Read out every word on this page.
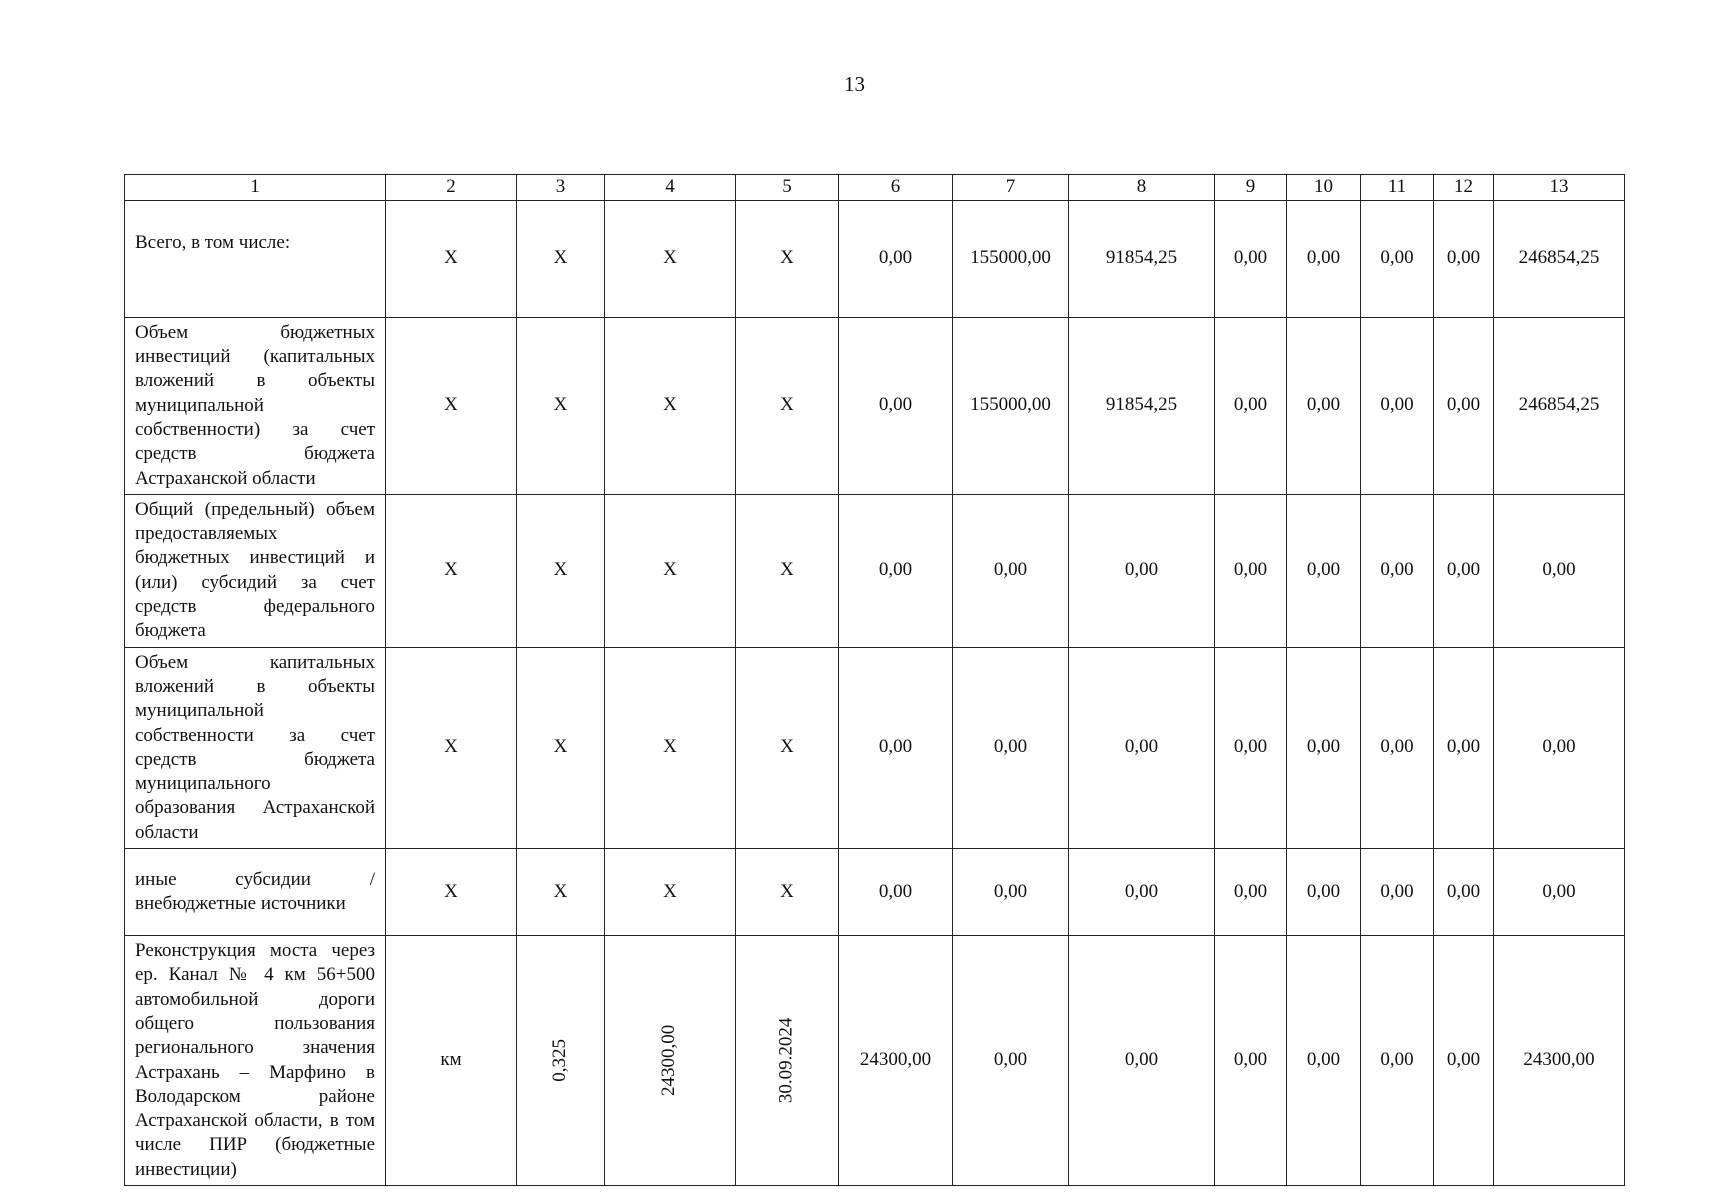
13
1	2	3	4	5	6	7	8	9	10	11	12	13
Всего, в том числе:	X	X	X	X	0,00	155000,00	91854,25	0,00	0,00	0,00	0,00	246854,25
Объем бюджетных инвестиций (капитальных вложений в объекты муниципальной собственности) за счет средств бюджета Астраханской области	X	X	X	X	0,00	155000,00	91854,25	0,00	0,00	0,00	0,00	246854,25
Общий (предельный) объем предоставляемых бюджетных инвестиций и (или) субсидий за счет средств федерального бюджета	X	X	X	X	0,00	0,00	0,00	0,00	0,00	0,00	0,00	0,00
Объем капитальных вложений в объекты муниципальной собственности за счет средств бюджета муниципального образования Астраханской области	X	X	X	X	0,00	0,00	0,00	0,00	0,00	0,00	0,00	0,00
иные субсидии / внебюджетные источники	X	X	X	X	0,00	0,00	0,00	0,00	0,00	0,00	0,00	0,00
Реконструкция моста через ер. Канал № 4 км 56+500 автомобильной дороги общего пользования регионального значения Астрахань – Марфино в Володарском районе Астраханской области, в том числе ПИР (бюджетные инвестиции)	км	0,325	24300,00	30.09.2024	24300,00	0,00	0,00	0,00	0,00	0,00	0,00	24300,00
